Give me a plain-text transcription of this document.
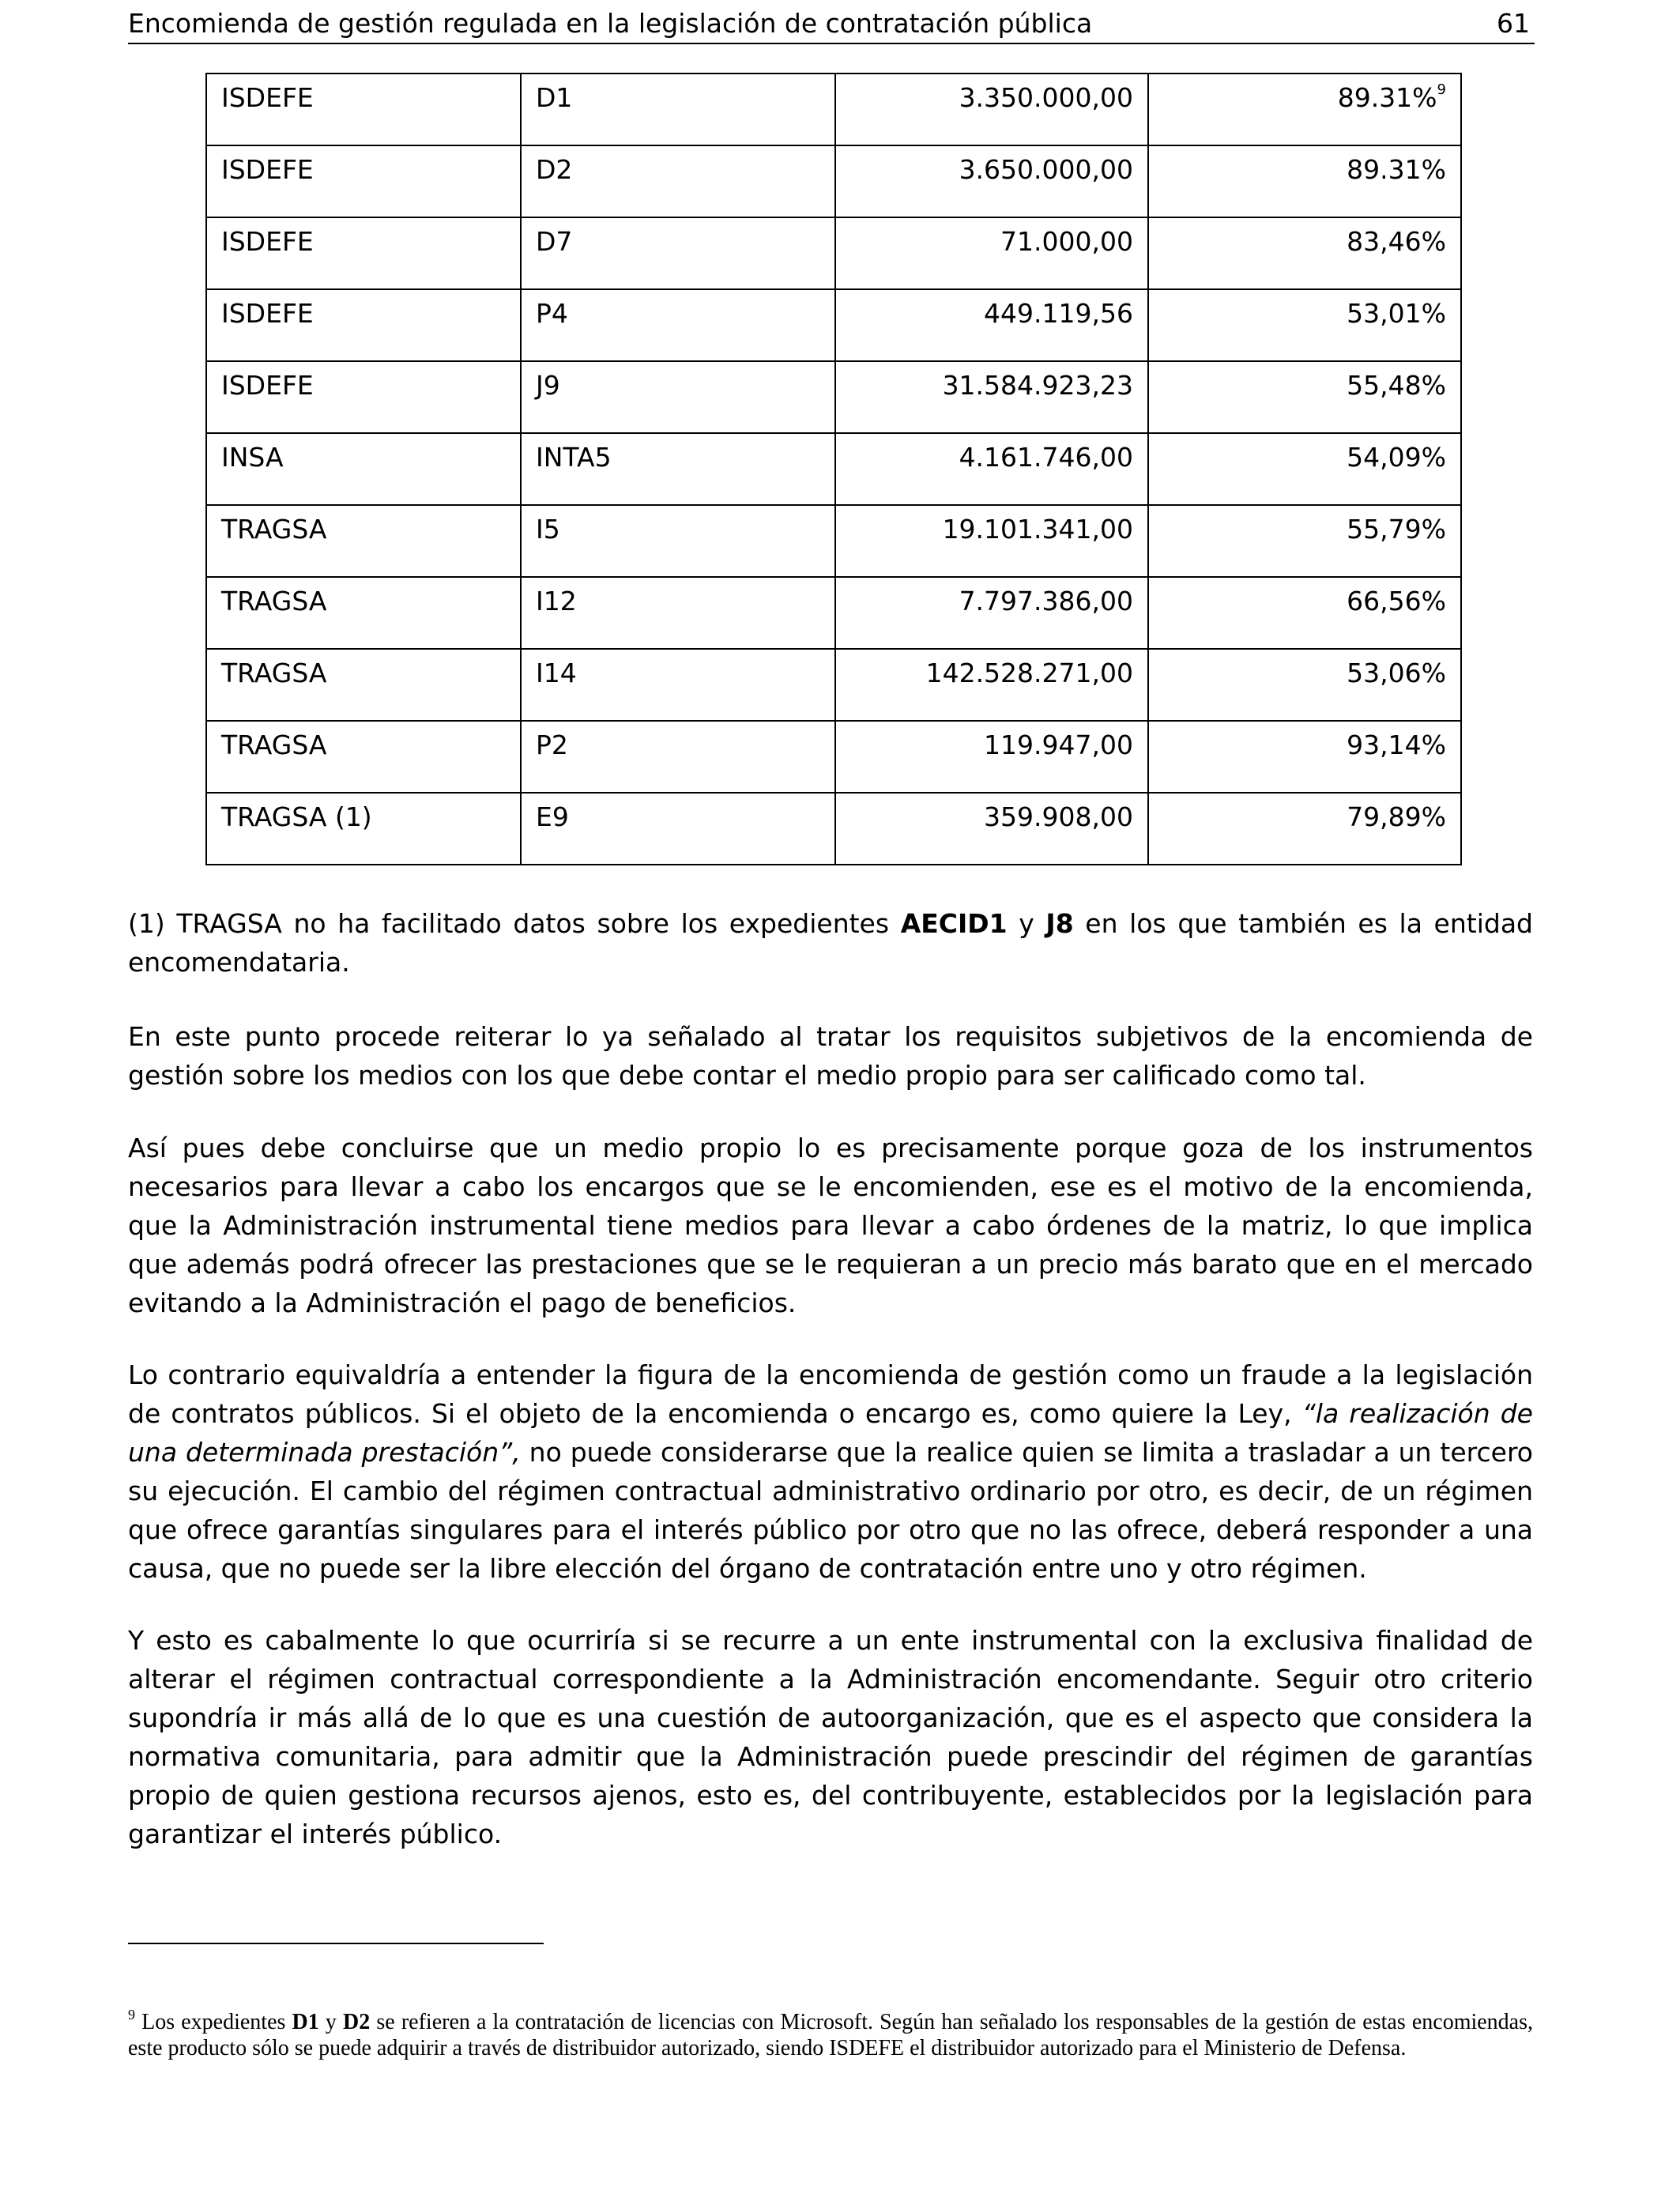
Encomienda de gestión regulada en la legislación de contratación pública	61
ISDEFE	D1	3.350.000,00	89.31%$^9$
ISDEFE	D2	3.650.000,00	89.31%
ISDEFE	D7	71.000,00	83,46%
ISDEFE	P4	449.119,56	53,01%
ISDEFE	J9	31.584.923,23	55,48%
INSA	INTA5	4.161.746,00	54,09%
TRAGSA	I5	19.101.341,00	55,79%
TRAGSA	I12	7.797.386,00	66,56%
TRAGSA	I14	142.528.271,00	53,06%
TRAGSA	P2	119.947,00	93,14%
TRAGSA (1)	E9	359.908,00	79,89%
(1) TRAGSA no ha facilitado datos sobre los expedientes AECID1 y J8 en los que también es la entidad encomendataria.
En este punto procede reiterar lo ya señalado al tratar los requisitos subjetivos de la encomienda de gestión sobre los medios con los que debe contar el medio propio para ser calificado como tal.
Así pues debe concluirse que un medio propio lo es precisamente porque goza de los instrumentos necesarios para llevar a cabo los encargos que se le encomienden, ese es el motivo de la encomienda, que la Administración instrumental tiene medios para llevar a cabo órdenes de la matriz, lo que implica que además podrá ofrecer las prestaciones que se le requieran a un precio más barato que en el mercado evitando a la Administración el pago de beneficios.
Lo contrario equivaldría a entender la figura de la encomienda de gestión como un fraude a la legislación de contratos públicos. Si el objeto de la encomienda o encargo es, como quiere la Ley, “la realización de una determinada prestación”, no puede considerarse que la realice quien se limita a trasladar a un tercero su ejecución. El cambio del régimen contractual administrativo ordinario por otro, es decir, de un régimen que ofrece garantías singulares para el interés público por otro que no las ofrece, deberá responder a una causa, que no puede ser la libre elección del órgano de contratación entre uno y otro régimen.
Y esto es cabalmente lo que ocurriría si se recurre a un ente instrumental con la exclusiva finalidad de alterar el régimen contractual correspondiente a la Administración encomendante. Seguir otro criterio supondría ir más allá de lo que es una cuestión de autoorganización, que es el aspecto que considera la normativa comunitaria, para admitir que la Administración puede prescindir del régimen de garantías propio de quien gestiona recursos ajenos, esto es, del contribuyente, establecidos por la legislación para garantizar el interés público.
$^9$ Los expedientes D1 y D2 se refieren a la contratación de licencias con Microsoft. Según han señalado los responsables de la gestión de estas encomiendas, este producto sólo se puede adquirir a través de distribuidor autorizado, siendo ISDEFE el distribuidor autorizado para el Ministerio de Defensa.
